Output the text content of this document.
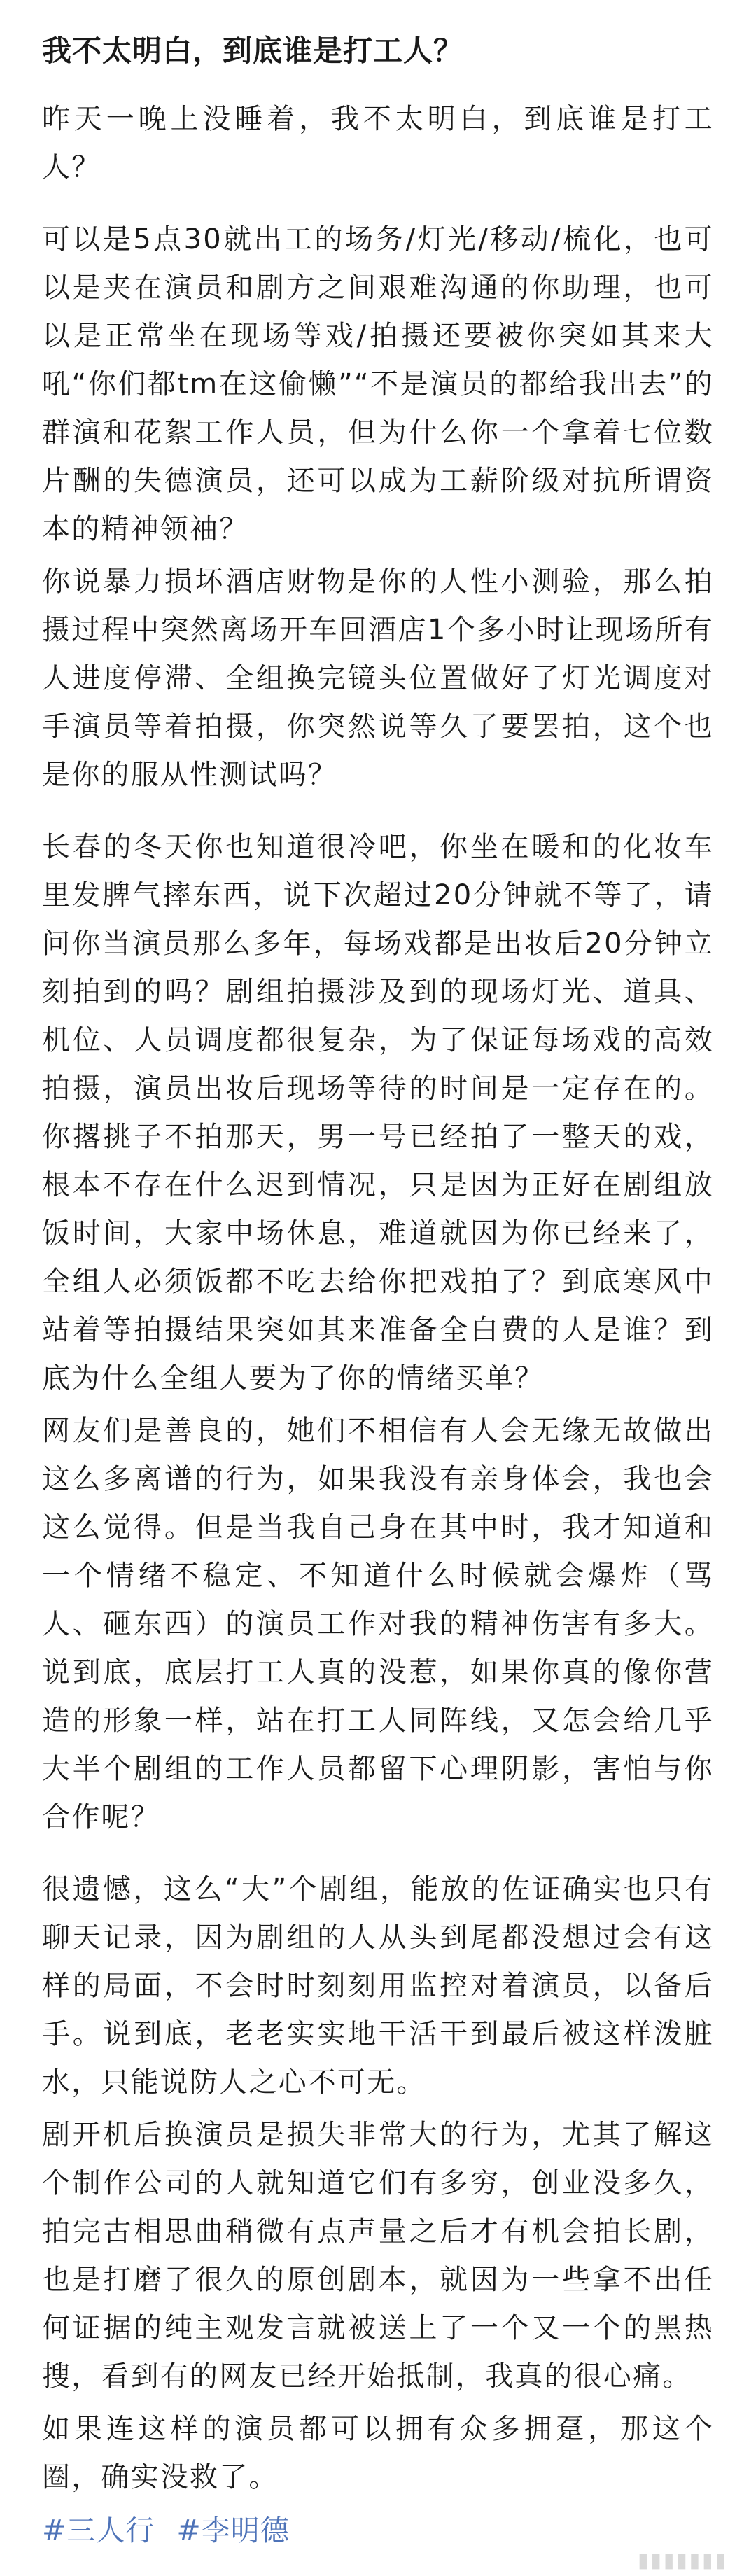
我不太明白，到底谁是打工人？
昨天一晚上没睡着，我不太明白，到底谁是打工人？
可以是5点30就出工的场务/灯光/移动/梳化，也可以是夹在演员和剧方之间艰难沟通的你助理，也可以是正常坐在现场等戏/拍摄还要被你突如其来大吼“你们都tm在这偷懒”“不是演员的都给我出去”的群演和花絮工作人员，但为什么你一个拿着七位数片酬的失德演员，还可以成为工薪阶级对抗所谓资本的精神领袖？
你说暴力损坏酒店财物是你的人性小测验，那么拍摄过程中突然离场开车回酒店1个多小时让现场所有人进度停滞、全组换完镜头位置做好了灯光调度对手演员等着拍摄，你突然说等久了要罢拍，这个也是你的服从性测试吗？
长春的冬天你也知道很冷吧，你坐在暖和的化妆车里发脾气摔东西，说下次超过20分钟就不等了，请问你当演员那么多年，每场戏都是出妆后20分钟立刻拍到的吗？剧组拍摄涉及到的现场灯光、道具、机位、人员调度都很复杂，为了保证每场戏的高效拍摄，演员出妆后现场等待的时间是一定存在的。你撂挑子不拍那天，男一号已经拍了一整天的戏，根本不存在什么迟到情况，只是因为正好在剧组放饭时间，大家中场休息，难道就因为你已经来了，全组人必须饭都不吃去给你把戏拍了？到底寒风中站着等拍摄结果突如其来准备全白费的人是谁？到底为什么全组人要为了你的情绪买单？
网友们是善良的，她们不相信有人会无缘无故做出这么多离谱的行为，如果我没有亲身体会，我也会这么觉得。但是当我自己身在其中时，我才知道和一个情绪不稳定、不知道什么时候就会爆炸（骂人、砸东西）的演员工作对我的精神伤害有多大。说到底，底层打工人真的没惹，如果你真的像你营造的形象一样，站在打工人同阵线，又怎会给几乎大半个剧组的工作人员都留下心理阴影，害怕与你合作呢？
很遗憾，这么“大”个剧组，能放的佐证确实也只有聊天记录，因为剧组的人从头到尾都没想过会有这样的局面，不会时时刻刻用监控对着演员，以备后手。说到底，老老实实地干活干到最后被这样泼脏水，只能说防人之心不可无。
剧开机后换演员是损失非常大的行为，尤其了解这个制作公司的人就知道它们有多穷，创业没多久，拍完古相思曲稍微有点声量之后才有机会拍长剧，也是打磨了很久的原创剧本，就因为一些拿不出任何证据的纯主观发言就被送上了一个又一个的黑热搜，看到有的网友已经开始抵制，我真的很心痛。
如果连这样的演员都可以拥有众多拥趸，那这个圈，确实没救了。
#三人行 #李明德
▮▮▮▮▮▮▮
